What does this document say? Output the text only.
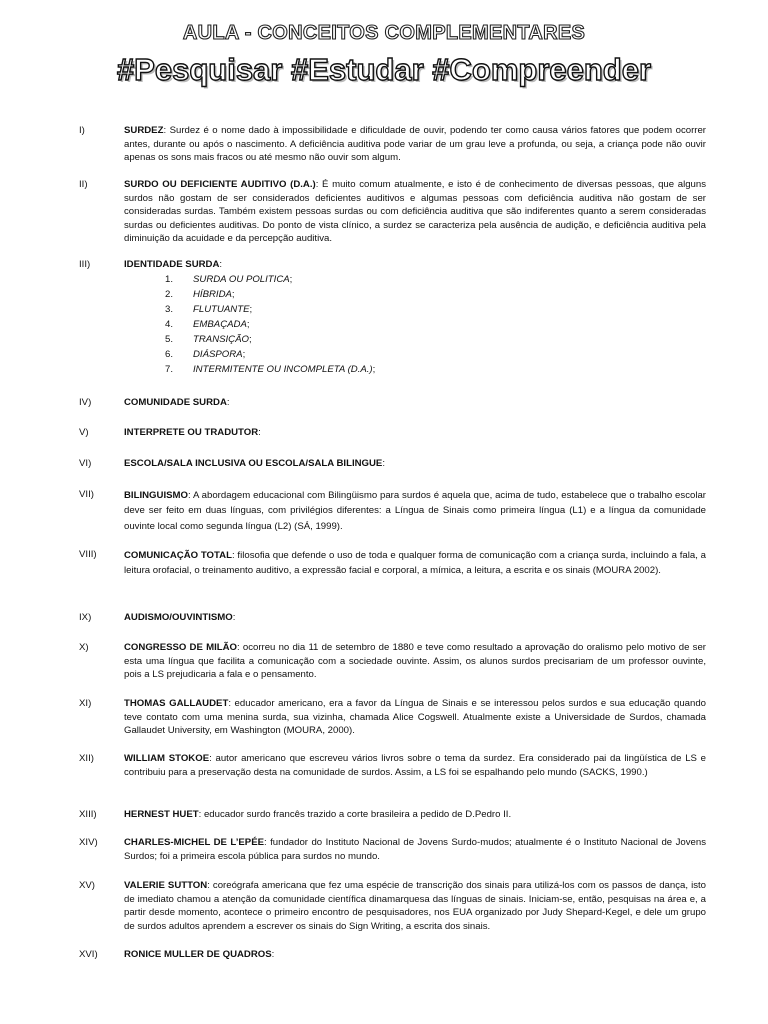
AULA - CONCEITOS COMPLEMENTARES
#Pesquisar #Estudar #Compreender
I)	SURDEZ: Surdez é o nome dado à impossibilidade e dificuldade de ouvir, podendo ter como causa vários fatores que podem ocorrer antes, durante ou após o nascimento. A deficiência auditiva pode variar de um grau leve a profunda, ou seja, a criança pode não ouvir apenas os sons mais fracos ou até mesmo não ouvir som algum.
II)	SURDO OU DEFICIENTE AUDITIVO (D.A.): É muito comum atualmente, e isto é de conhecimento de diversas pessoas, que alguns surdos não gostam de ser considerados deficientes auditivos e algumas pessoas com deficiência auditiva não gostam de ser consideradas surdas. Também existem pessoas surdas ou com deficiência auditiva que são indiferentes quanto a serem consideradas surdas ou deficientes auditivas. Do ponto de vista clínico, a surdez se caracteriza pela ausência de audição, e deficiência auditiva pela diminuição da acuidade e da percepção auditiva.
III)	IDENTIDADE SURDA:
1. SURDA OU POLITICA;
2. HÍBRIDA;
3. FLUTUANTE;
4. EMBAÇADA;
5. TRANSIÇÃO;
6. DIÁSPORA;
7. INTERMITENTE OU INCOMPLETA (D.A.);
IV)	COMUNIDADE SURDA:
V)	INTERPRETE OU TRADUTOR:
VI)	ESCOLA/SALA INCLUSIVA OU ESCOLA/SALA BILINGUE:
VII)	BILINGUISMO: A abordagem educacional com Bilingüismo para surdos é aquela que, acima de tudo, estabelece que o trabalho escolar deve ser feito em duas línguas, com privilégios diferentes: a Língua de Sinais como primeira língua (L1) e a língua da comunidade ouvinte local como segunda língua (L2) (SÁ, 1999).
VIII)	COMUNICAÇÃO TOTAL: filosofia que defende o uso de toda e qualquer forma de comunicação com a criança surda, incluindo a fala, a leitura orofacial, o treinamento auditivo, a expressão facial e corporal, a mímica, a leitura, a escrita e os sinais (MOURA 2002).
IX)	AUDISMO/OUVINTISMO:
X)	CONGRESSO DE MILÃO: ocorreu no dia 11 de setembro de 1880 e teve como resultado a aprovação do oralismo pelo motivo de ser esta uma língua que facilita a comunicação com a sociedade ouvinte. Assim, os alunos surdos precisariam de um professor ouvinte, pois a LS prejudicaria a fala e o pensamento.
XI)	THOMAS GALLAUDET: educador americano, era a favor da Língua de Sinais e se interessou pelos surdos e sua educação quando teve contato com uma menina surda, sua vizinha, chamada Alice Cogswell. Atualmente existe a Universidade de Surdos, chamada Gallaudet University, em Washington (MOURA, 2000).
XII)	WILLIAM STOKOE: autor americano que escreveu vários livros sobre o tema da surdez. Era considerado pai da lingüística de LS e contribuiu para a preservação desta na comunidade de surdos. Assim, a LS foi se espalhando pelo mundo (SACKS, 1990.)
XIII)	HERNEST HUET: educador surdo francês trazido a corte brasileira a pedido de D.Pedro II.
XIV)	CHARLES-MICHEL DE L’EPÉE: fundador do Instituto Nacional de Jovens Surdo-mudos; atualmente é o Instituto Nacional de Jovens Surdos; foi a primeira escola pública para surdos no mundo.
XV)	VALERIE SUTTON: coreógrafa americana que fez uma espécie de transcrição dos sinais para utilizá-los com os passos de dança, isto de imediato chamou a atenção da comunidade científica dinamarquesa das línguas de sinais. Iniciam-se, então, pesquisas na área e, a partir desde momento, acontece o primeiro encontro de pesquisadores, nos EUA organizado por Judy Shepard-Kegel, e dele um grupo de surdos adultos aprendem a escrever os sinais do Sign Writing, a escrita dos sinais.
XVI)	RONICE MULLER DE QUADROS:
